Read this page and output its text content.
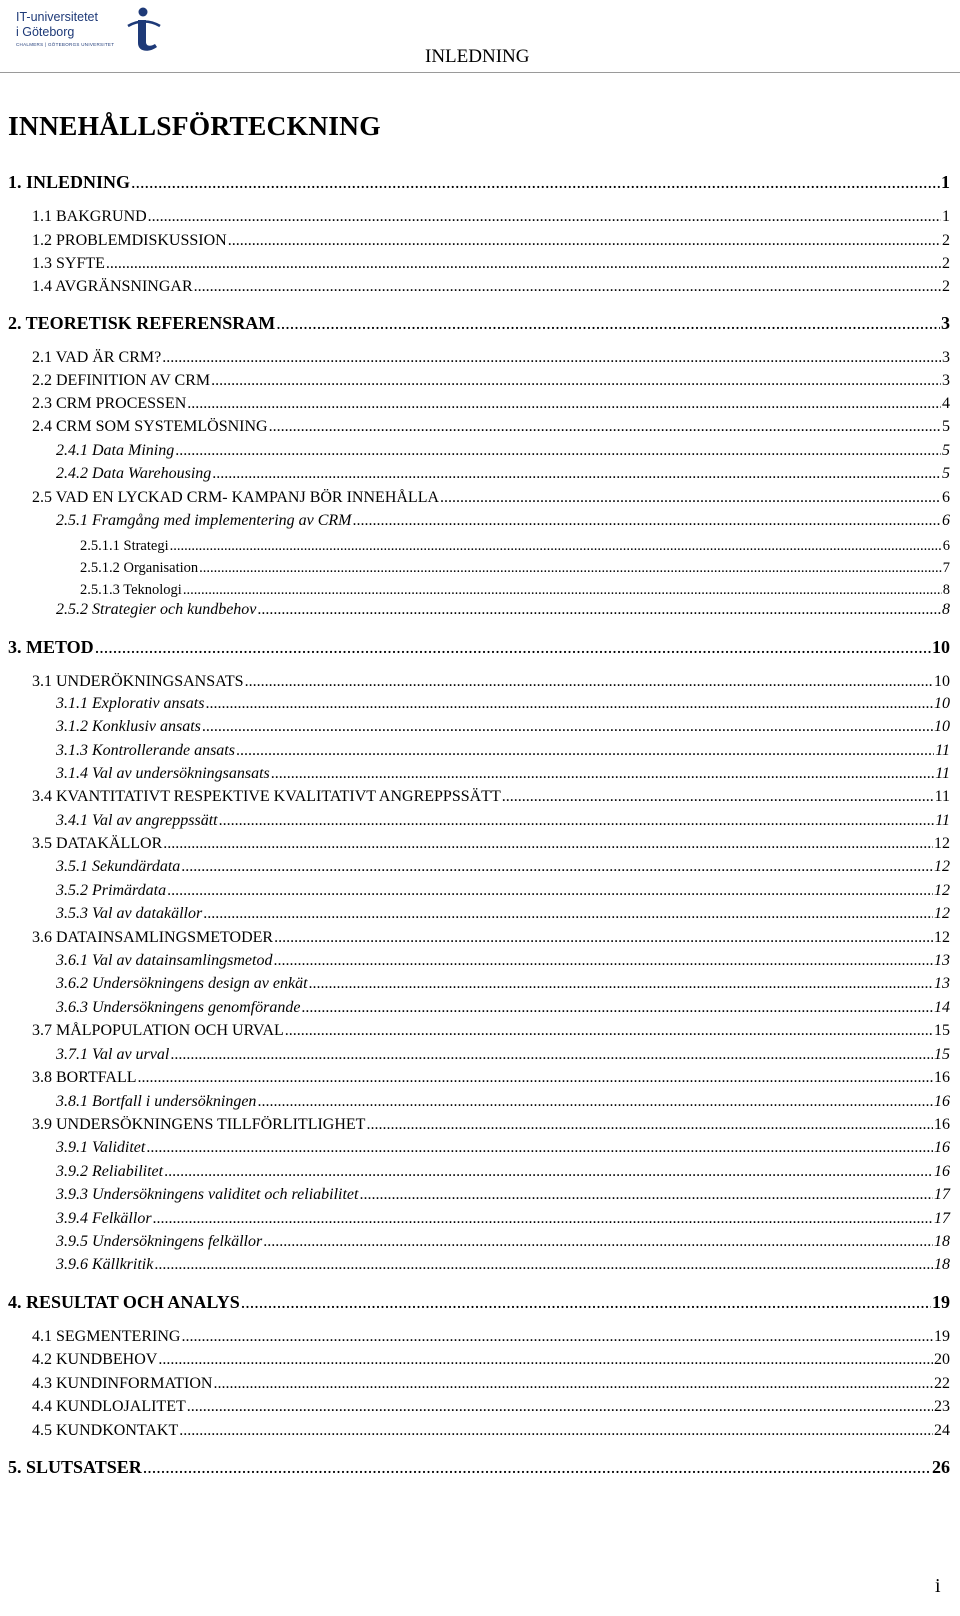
IT-universitetet
i Göteborg
CHALMERS | GÖTEBORGS UNIVERSITET
INLEDNING
INNEHÅLLSFÖRTECKNING
1. INLEDNING .....	1
1.1 BAKGRUND .....	1
1.2 PROBLEMDISKUSSION .....	2
1.3 SYFTE .....	2
1.4 AVGRÄNSNINGAR .....	2
2. TEORETISK REFERENSRAM .....	3
2.1 VAD ÄR CRM? .....	3
2.2 DEFINITION AV CRM .....	3
2.3 CRM PROCESSEN .....	4
2.4 CRM SOM SYSTEMLÖSNING .....	5
2.4.1 Data Mining .....	5
2.4.2 Data Warehousing .....	5
2.5 VAD EN LYCKAD CRM- KAMPANJ BÖR INNEHÅLLA .....	6
2.5.1 Framgång med implementering av CRM .....	6
2.5.1.1 Strategi .....	6
2.5.1.2 Organisation .....	7
2.5.1.3 Teknologi .....	8
2.5.2 Strategier och kundbehov .....	8
3. METOD .....	10
3.1 UNDERÖKNINGSANSATS .....	10
3.1.1 Explorativ ansats .....	10
3.1.2 Konklusiv ansats .....	10
3.1.3 Kontrollerande ansats .....	11
3.1.4 Val av undersökningsansats .....	11
3.4 KVANTITATIVT RESPEKTIVE KVALITATIVT ANGREPPSSÄTT .....	11
3.4.1 Val av angreppssätt .....	11
3.5 DATAKÄLLOR .....	12
3.5.1 Sekundärdata .....	12
3.5.2 Primärdata .....	12
3.5.3 Val av datakällor .....	12
3.6 DATAINSAMLINGSMETODER .....	12
3.6.1 Val av datainsamlingsmetod .....	13
3.6.2 Undersökningens design av enkät .....	13
3.6.3 Undersökningens genomförande .....	14
3.7 MÅLPOPULATION OCH URVAL .....	15
3.7.1 Val av urval .....	15
3.8 BORTFALL .....	16
3.8.1 Bortfall i undersökningen .....	16
3.9 UNDERSÖKNINGENS TILLFÖRLITLIGHET .....	16
3.9.1 Validitet .....	16
3.9.2 Reliabilitet .....	16
3.9.3 Undersökningens validitet och reliabilitet .....	17
3.9.4 Felkällor .....	17
3.9.5 Undersökningens felkällor .....	18
3.9.6 Källkritik .....	18
4. RESULTAT OCH ANALYS .....	19
4.1 SEGMENTERING .....	19
4.2 KUNDBEHOV .....	20
4.3 KUNDINFORMATION .....	22
4.4 KUNDLOJALITET .....	23
4.5 KUNDKONTAKT .....	24
5. SLUTSATSER .....	26
i
